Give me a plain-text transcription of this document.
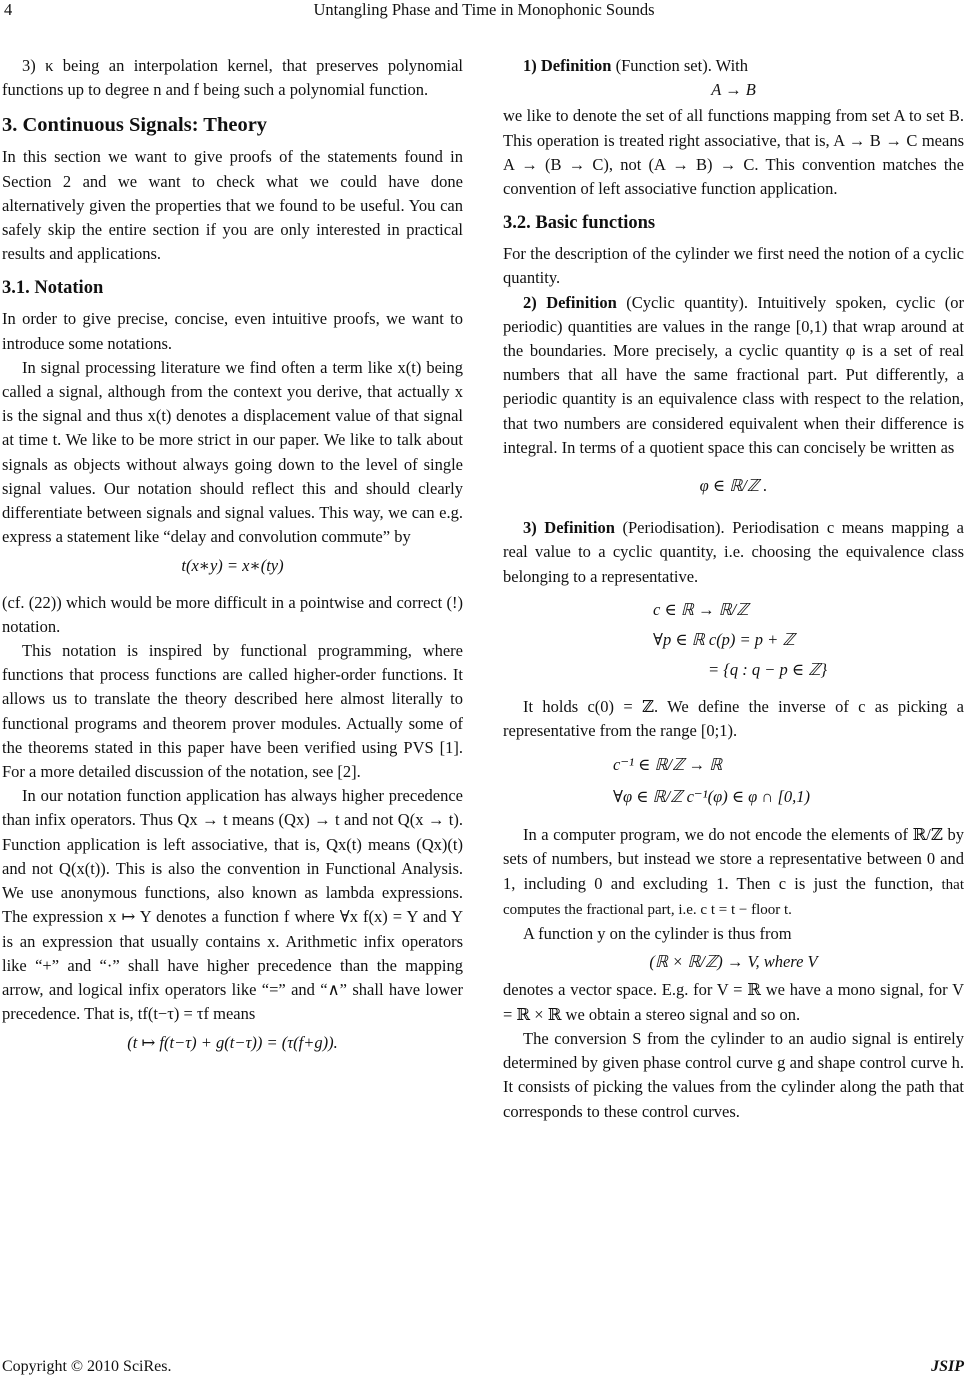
4	Untangling Phase and Time in Monophonic Sounds

3) κ being an interpolation kernel, that preserves polynomial functions up to degree n and f being such a polynomial function.

3. Continuous Signals: Theory

In this section we want to give proofs of the statements found in Section 2 and we want to check what we could have done alternatively given the properties that we found to be useful. You can safely skip the entire section if you are only interested in practical results and applications.

3.1. Notation

In order to give precise, concise, even intuitive proofs, we want to introduce some notations.

In signal processing literature we find often a term like x(t) being called a signal, although from the context you derive, that actually x is the signal and thus x(t) denotes a displacement value of that signal at time t. We like to be more strict in our paper. We like to talk about signals as objects without always going down to the level of single signal values. Our notation should reflect this and should clearly differentiate between signals and signal values. This way, we can e.g. express a statement like “delay and convolution commute” by

t(x∗y) = x∗(ty)

(cf. (22)) which would be more difficult in a pointwise and correct (!) notation.

This notation is inspired by functional programming, where functions that process functions are called higher-order functions. It allows us to translate the theory described here almost literally to functional programs and theorem prover modules. Actually some of the theorems stated in this paper have been verified using PVS [1]. For a more detailed discussion of the notation, see [2].

In our notation function application has always higher precedence than infix operators. Thus Qx → t means (Qx) → t and not Q(x → t). Function application is left associative, that is, Qx(t) means (Qx)(t) and not Q(x(t)). This is also the convention in Functional Analysis. We use anonymous functions, also known as lambda expressions. The expression x ↦ Y denotes a function f where ∀x f(x) = Y and Y is an expression that usually contains x. Arithmetic infix operators like “+” and “·” shall have higher precedence than the mapping arrow, and logical infix operators like “=” and “∧” shall have lower precedence. That is, tf(t−τ) = τf means

(t ↦ f(t−τ) + g(t−τ)) = (τ(f+g)).

1) Definition (Function set). With

A → B

we like to denote the set of all functions mapping from set A to set B. This operation is treated right associative, that is, A → B → C means A → (B → C), not (A → B) → C. This convention matches the convention of left associative function application.

3.2. Basic functions

For the description of the cylinder we first need the notion of a cyclic quantity.

2) Definition (Cyclic quantity). Intuitively spoken, cyclic (or periodic) quantities are values in the range [0,1) that wrap around at the boundaries. More precisely, a cyclic quantity φ is a set of real numbers that all have the same fractional part. Put differently, a periodic quantity is an equivalence class with respect to the relation, that two numbers are considered equivalent when their difference is integral. In terms of a quotient space this can concisely be written as

φ ∈ ℝ/ℤ .

3) Definition (Periodisation). Periodisation c means mapping a real value to a cyclic quantity, i.e. choosing the equivalence class belonging to a representative.

c ∈ ℝ → ℝ/ℤ
∀p ∈ ℝ c(p) = p + ℤ
= {q : q − p ∈ ℤ}

It holds c(0) = ℤ. We define the inverse of c as picking a representative from the range [0;1).

c⁻¹ ∈ ℝ/ℤ → ℝ
∀φ ∈ ℝ/ℤ c⁻¹(φ) ∈ φ ∩ [0,1)

In a computer program, we do not encode the elements of ℝ/ℤ by sets of numbers, but instead we store a representative between 0 and 1, including 0 and excluding 1. Then c is just the function, that computes the fractional part, i.e. c t = t − floor t.

A function y on the cylinder is thus from

(ℝ × ℝ/ℤ) → V, where V

denotes a vector space. E.g. for V = ℝ we have a mono signal, for V = ℝ × ℝ we obtain a stereo signal and so on.

The conversion S from the cylinder to an audio signal is entirely determined by given phase control curve g and shape control curve h. It consists of picking the values from the cylinder along the path that corresponds to these control curves.

Copyright © 2010 SciRes.	JSIP
